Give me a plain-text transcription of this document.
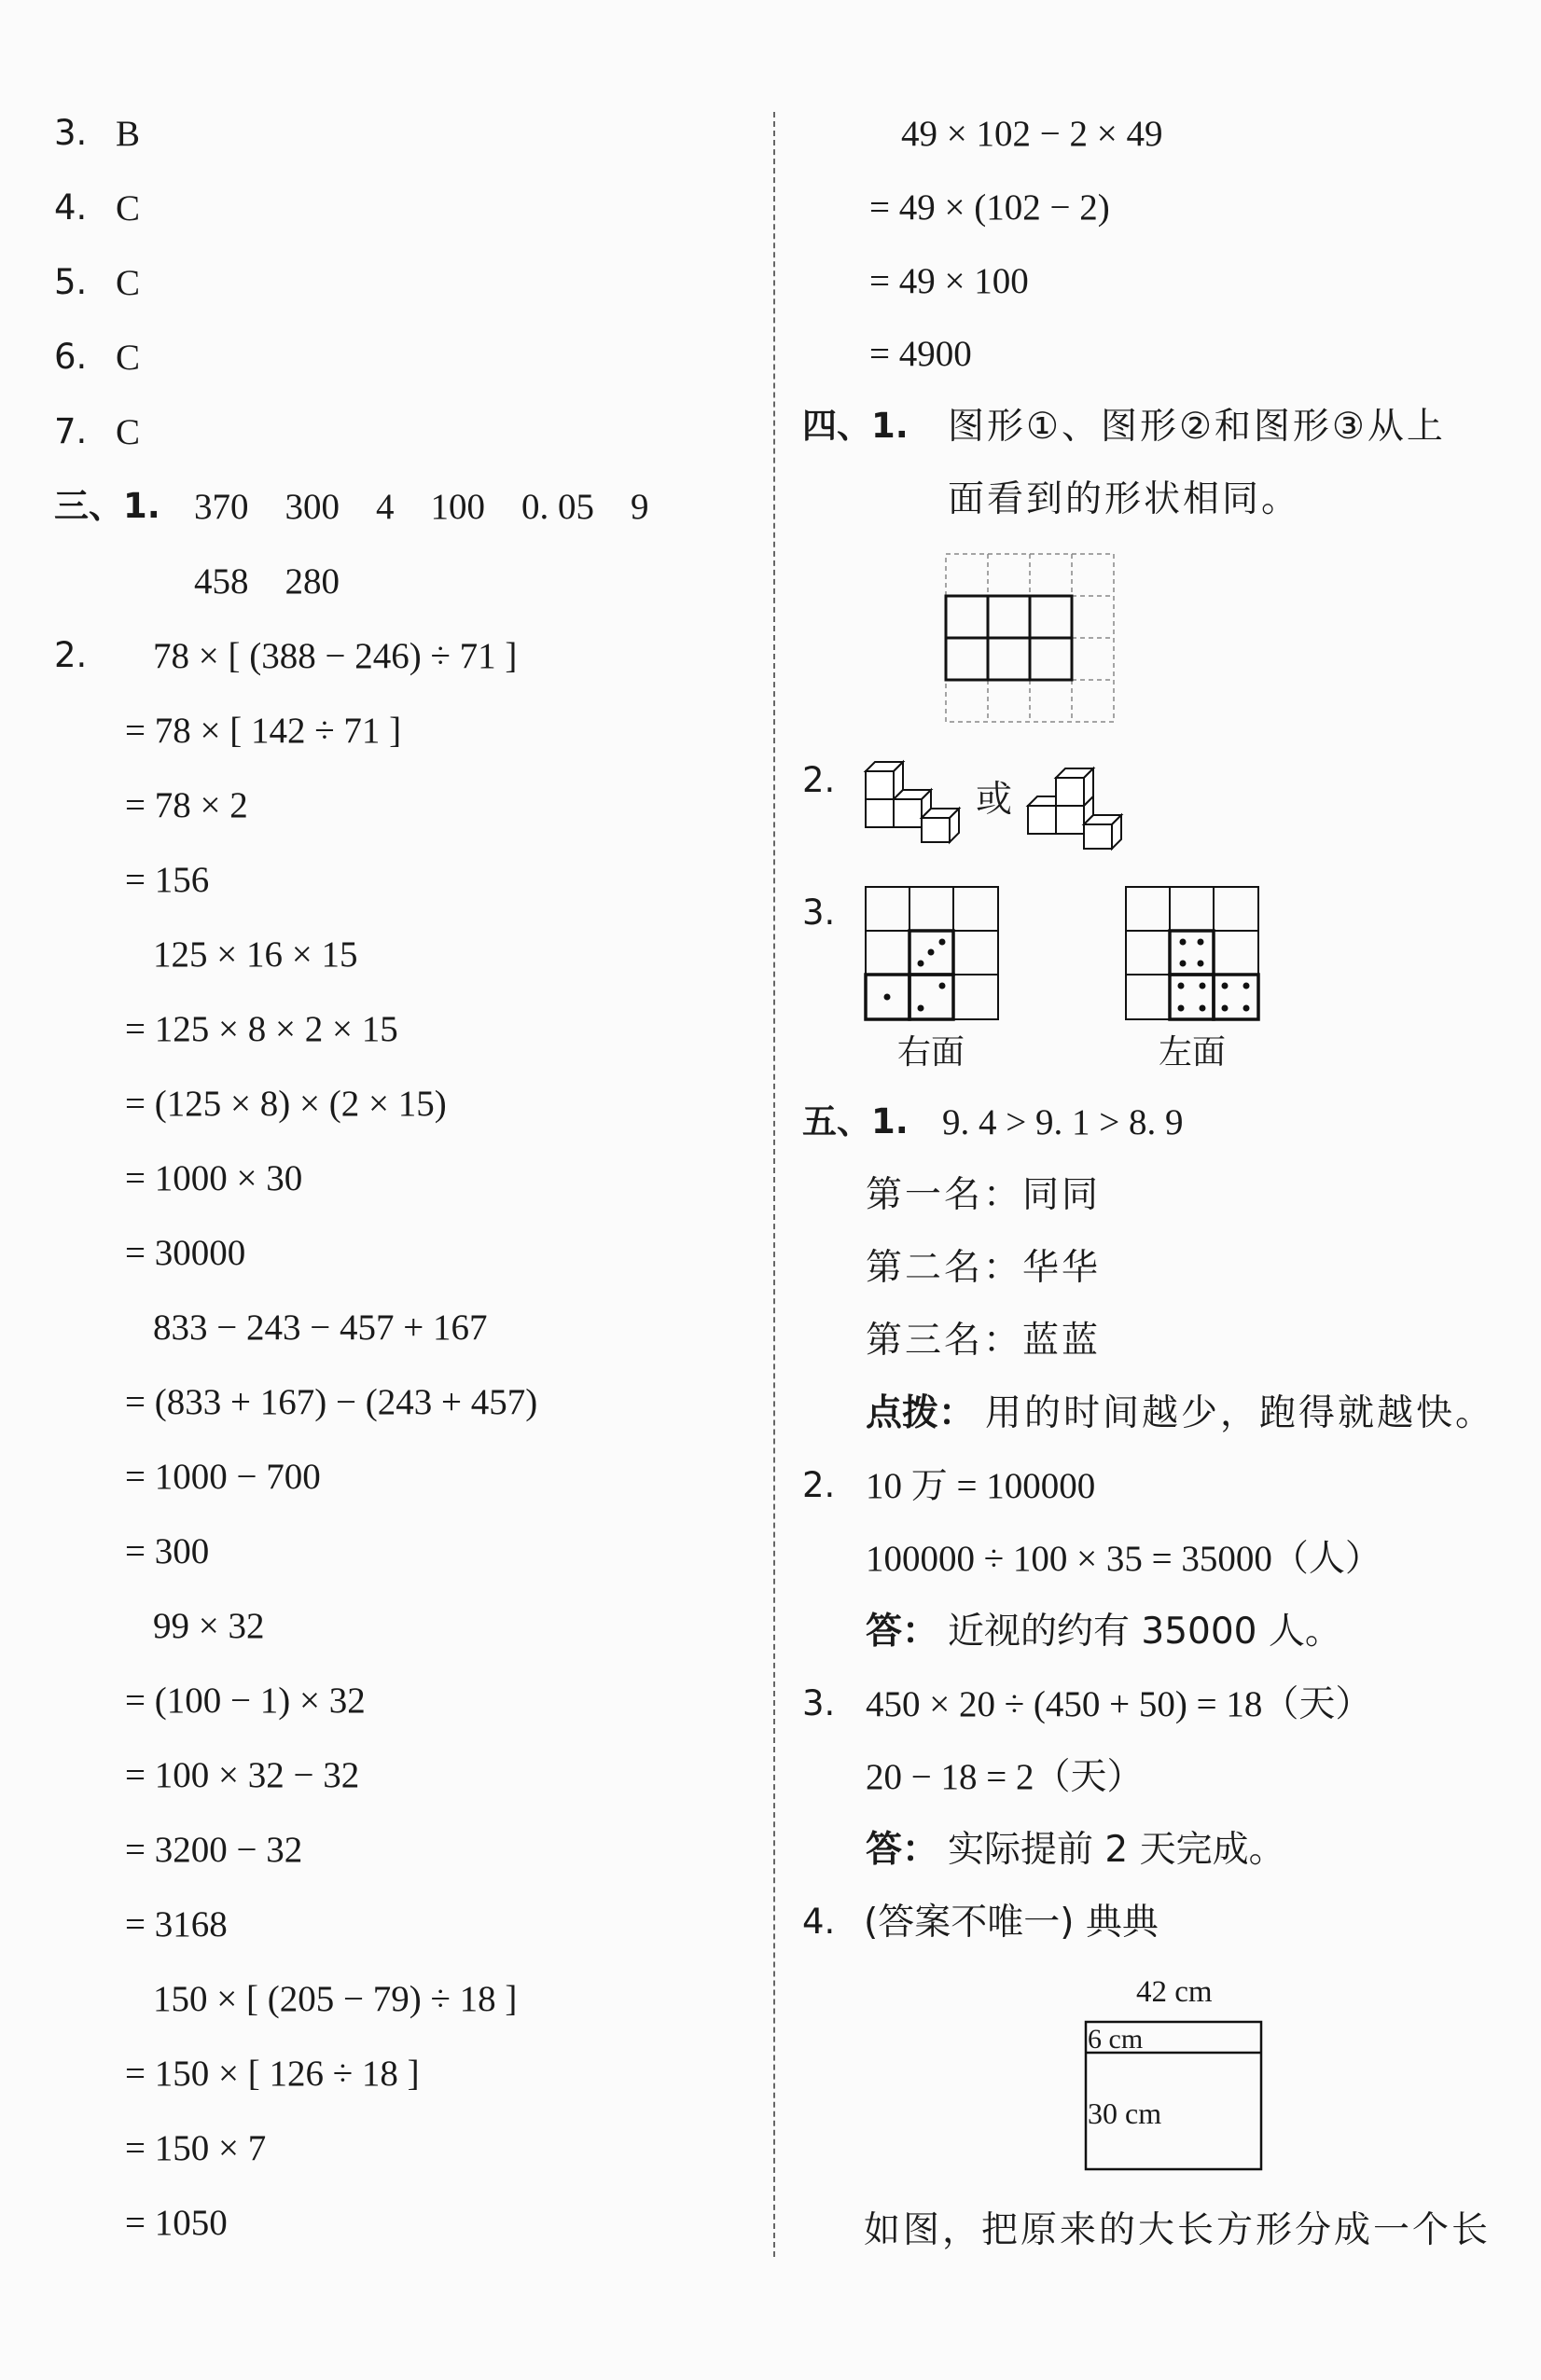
3. B
4. C
5. C
6. C
7. C
三、1. 370    300    4    100    0. 05    9
458    280
2. 78 × [ (388 − 246) ÷ 71 ]
= 78 × [ 142 ÷ 71 ]
= 78 × 2
= 156
125 × 16 × 15
= 125 × 8 × 2 × 15
= (125 × 8) × (2 × 15)
= 1000 × 30
= 30000
833 − 243 − 457 + 167
= (833 + 167) − (243 + 457)
= 1000 − 700
= 300
99 × 32
= (100 − 1) × 32
= 100 × 32 − 32
= 3200 − 32
= 3168
150 × [ (205 − 79) ÷ 18 ]
= 150 × [ 126 ÷ 18 ]
= 150 × 7
= 1050
49 × 102 − 2 × 49
= 49 × (102 − 2)
= 49 × 100
= 4900
四、1. 图形①、图形②和图形③从上
面看到的形状相同。
2.	或
3.
右面	左面
五、1. 9. 4 > 9. 1 > 8. 9
第一名：同同
第二名：华华
第三名：蓝蓝
点拨： 用的时间越少，跑得就越快。
2. 10 万 = 100000
100000 ÷ 100 × 35 = 35000（人）
答： 近视的约有 35000 人。
3. 450 × 20 ÷ (450 + 50) = 18（天）
20 − 18 = 2（天）
答： 实际提前 2 天完成。
4. (答案不唯一) 典典
42 cm
6 cm
30 cm
如图，把原来的大长方形分成一个长
